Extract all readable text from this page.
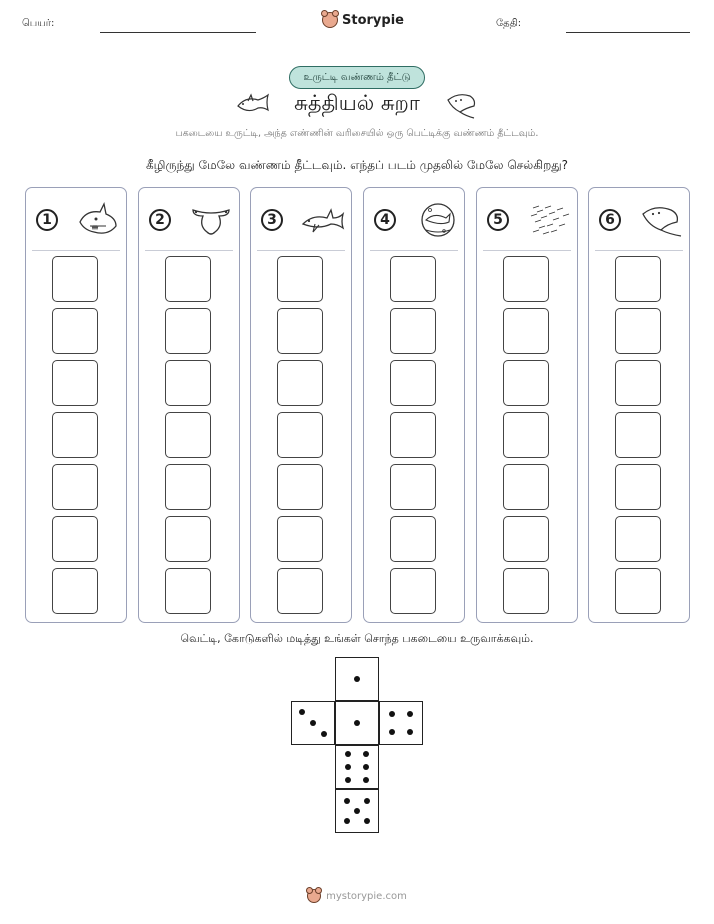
பெயர்:	Storypie	தேதி:
உருட்டி வண்ணம் தீட்டு
சுத்தியல் சுறா
பகடையை உருட்டி, அந்த எண்ணின் வரிசையில் ஒரு பெட்டிக்கு வண்ணம் தீட்டவும்.
கீழிருந்து மேலே வண்ணம் தீட்டவும். எந்தப் படம் முதலில் மேலே செல்கிறது?
1	2	3	4	5	6
வெட்டி, கோடுகளில் மடித்து உங்கள் சொந்த பகடையை உருவாக்கவும்.
mystorypie.com
